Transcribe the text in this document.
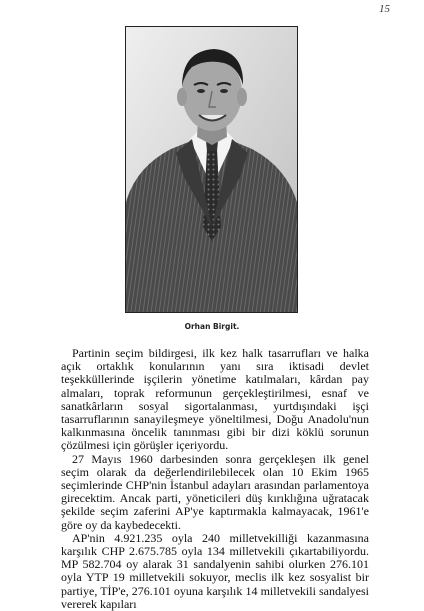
15
Orhan Birgit.

Partinin seçim bildirgesi, ilk kez halk tasarrufları ve halka açık ortaklık konularının yanı sıra iktisadi devlet teşekküllerinde işçilerin yönetime katılmaları, kârdan pay almaları, toprak reformunun gerçekleştirilmesi, esnaf ve sanatkârların sosyal sigortalanması, yurtdışındaki işçi tasarruflarının sanayileşmeye yöneltilmesi, Doğu Anadolu'nun kalkınmasına öncelik tanınması gibi bir dizi köklü sorunun çözülmesi için görüşler içeriyordu.

27 Mayıs 1960 darbesinden sonra gerçekleşen ilk genel seçim olarak da değerlendirilebilecek olan 10 Ekim 1965 seçimlerinde CHP'nin İstanbul adayları arasından parlamentoya girecektim. Ancak parti, yöneticileri düş kırıklığına uğratacak şekilde seçim zaferini AP'ye kaptırmakla kalmayacak, 1961'e göre oy da kaybedecekti.

AP'nin 4.921.235 oyla 240 milletvekilliği kazanmasına karşılık CHP 2.675.785 oyla 134 milletvekili çıkartabiliyordu. MP 582.704 oy alarak 31 sandalyenin sahibi olurken 276.101 oyla YTP 19 milletvekili sokuyor, meclis ilk kez sosyalist bir partiye, TİP'e, 276.101 oyuna karşılık 14 milletvekili sandalyesi vererek kapıları
